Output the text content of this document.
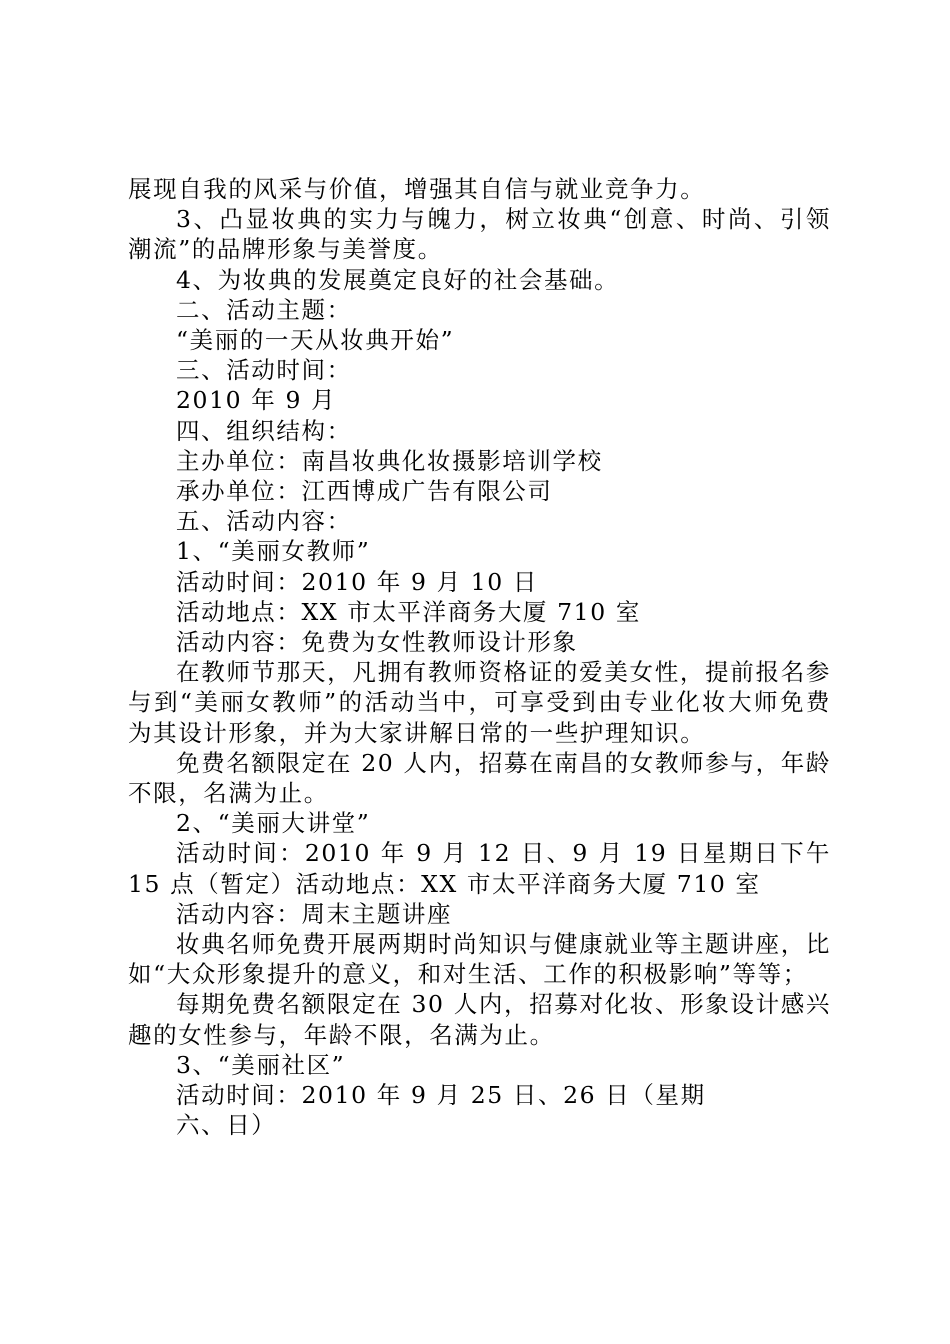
展现自我的风采与价值，增强其自信与就业竞争力。

3、凸显妆典的实力与魄力，树立妆典“创意、时尚、引领潮流”的品牌形象与美誉度。

4、为妆典的发展奠定良好的社会基础。

二、活动主题：

“美丽的一天从妆典开始”

三、活动时间：

2010 年 9 月

四、组织结构：

主办单位：南昌妆典化妆摄影培训学校

承办单位：江西博成广告有限公司

五、活动内容：

1、“美丽女教师”

活动时间：2010 年 9 月 10 日

活动地点：XX 市太平洋商务大厦 710 室

活动内容：免费为女性教师设计形象

在教师节那天，凡拥有教师资格证的爱美女性，提前报名参与到“美丽女教师”的活动当中，可享受到由专业化妆大师免费为其设计形象，并为大家讲解日常的一些护理知识。

免费名额限定在 20 人内，招募在南昌的女教师参与，年龄不限，名满为止。

2、“美丽大讲堂”

活动时间：2010 年 9 月 12 日、9 月 19 日星期日下午 15 点（暂定）活动地点：XX 市太平洋商务大厦 710 室

活动内容：周末主题讲座

妆典名师免费开展两期时尚知识与健康就业等主题讲座，比如“大众形象提升的意义，和对生活、工作的积极影响”等等；

每期免费名额限定在 30 人内，招募对化妆、形象设计感兴趣的女性参与，年龄不限，名满为止。

3、“美丽社区”

活动时间：2010 年 9 月 25 日、26 日（星期

六、日）
